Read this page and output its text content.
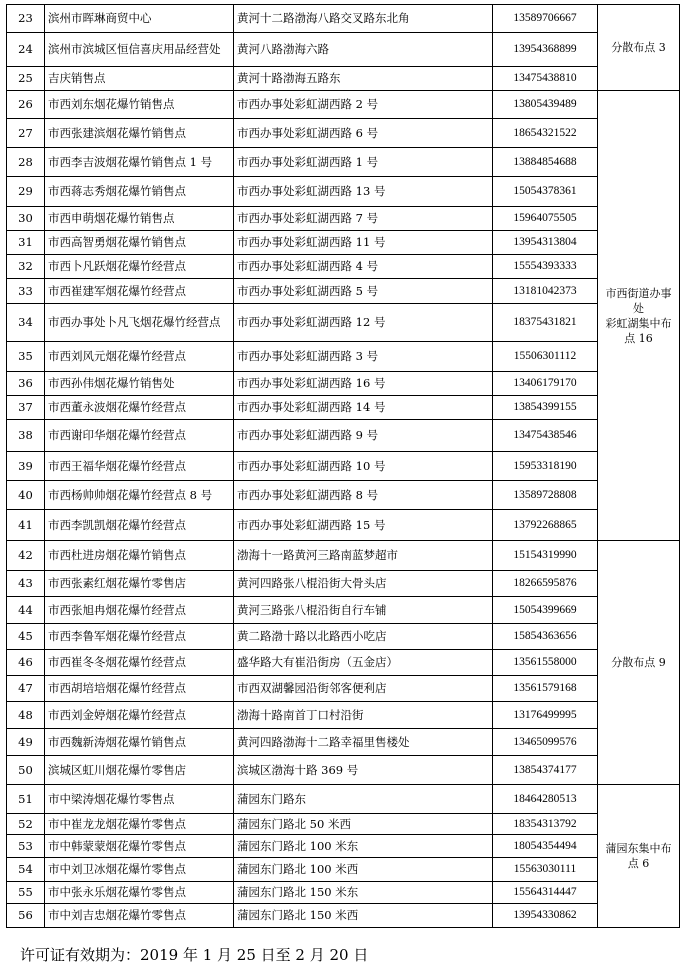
23	滨州市晖琳商贸中心	黄河十二路渤海八路交叉路东北角	13589706667	分散布点 3

24	滨州市滨城区恒信喜庆用品经营处	黄河八路渤海六路	13954368899	
25	吉庆销售点	黄河十路渤海五路东	13475438810	
26	市西刘东烟花爆竹销售点	市西办事处彩虹湖西路 2 号	13805439489	市西街道办事处
彩虹湖集中布点 16

27	市西张建滨烟花爆竹销售点	市西办事处彩虹湖西路 6 号	18654321522	
28	市西李吉波烟花爆竹销售点 1 号	市西办事处彩虹湖西路 1 号	13884854688	
29	市西蒋志秀烟花爆竹销售点	市西办事处彩虹湖西路 13 号	15054378361	
30	市西申萌烟花爆竹销售点	市西办事处彩虹湖西路 7 号	15964075505	
31	市西高智勇烟花爆竹销售点	市西办事处彩虹湖西路 11 号	13954313804	
32	市西卜凡跃烟花爆竹经营点	市西办事处彩虹湖西路 4 号	15554393333	
33	市西崔建军烟花爆竹经营点	市西办事处彩虹湖西路 5 号	13181042373	
34	市西办事处卜凡飞烟花爆竹经营点	市西办事处彩虹湖西路 12 号	18375431821	
35	市西刘风元烟花爆竹经营点	市西办事处彩虹湖西路 3 号	15506301112	
36	市西孙伟烟花爆竹销售处	市西办事处彩虹湖西路 16 号	13406179170	
37	市西董永波烟花爆竹经营点	市西办事处彩虹湖西路 14 号	13854399155	
38	市西谢印华烟花爆竹经营点	市西办事处彩虹湖西路 9 号	13475438546	
39	市西王福华烟花爆竹经营点	市西办事处彩虹湖西路 10 号	15953318190	
40	市西杨帅帅烟花爆竹经营点 8 号	市西办事处彩虹湖西路 8 号	13589728808	
41	市西李凯凯烟花爆竹经营点	市西办事处彩虹湖西路 15 号	13792268865	
42	市西杜进房烟花爆竹销售点	渤海十一路黄河三路南蓝梦超市	15154319990	分散布点 9

43	市西张素红烟花爆竹零售店	黄河四路张八棍沿街大骨头店	18266595876	
44	市西张旭冉烟花爆竹经营点	黄河三路张八棍沿街自行车铺	15054399669	
45	市西李鲁军烟花爆竹经营点	黄二路渤十路以北路西小吃店	15854363656	
46	市西崔冬冬烟花爆竹经营点	盛华路大有崔沿街房（五金店）	13561558000	
47	市西胡培培烟花爆竹经营点	市西双湖馨园沿街邻客便利店	13561579168	
48	市西刘金婷烟花爆竹经营点	渤海十路南首丁口村沿街	13176499995	
49	市西魏新涛烟花爆竹销售点	黄河四路渤海十二路幸福里售楼处	13465099576	
50	滨城区虹川烟花爆竹零售店	滨城区渤海十路 369 号	13854374177	
51	市中梁涛烟花爆竹零售点	蒲园东门路东	18464280513	蒲园东集中布
点 6

52	市中崔龙龙烟花爆竹零售点	蒲园东门路北 50 米西	18354313792	
53	市中韩蒙蒙烟花爆竹零售点	蒲园东门路北 100 米东	18054354494	
54	市中刘卫冰烟花爆竹零售点	蒲园东门路北 100 米西	15563030111	
55	市中张永乐烟花爆竹零售点	蒲园东门路北 150 米东	15564314447	
56	市中刘吉忠烟花爆竹零售点	蒲园东门路北 150 米西	13954330862	
许可证有效期为：2019 年 1 月 25 日至 2 月 20 日
